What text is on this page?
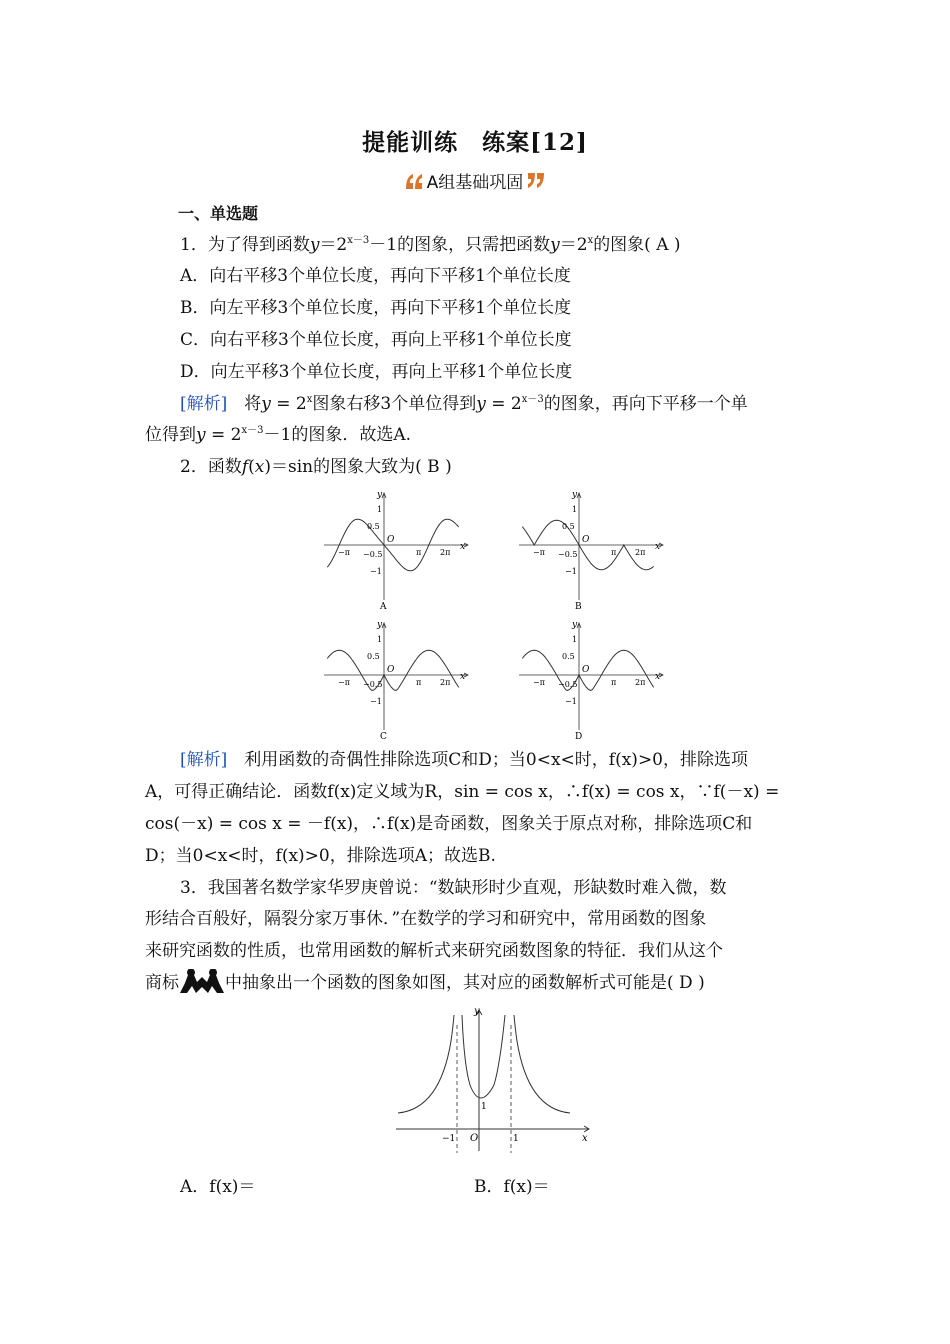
提能训练　练案[12]
A组基础巩固
一、单选题
1．为了得到函数$y=2^{x-3}-1$的图象，只需把函数$y=2^x$的图象( A )
A．向右平移3个单位长度，再向下平移1个单位长度
B．向左平移3个单位长度，再向下平移1个单位长度
C．向右平移3个单位长度，再向上平移1个单位长度
D．向左平移3个单位长度，再向上平移1个单位长度
[解析]　将$y = 2^x$图象右移3个单位得到$y = 2^{x-3}$的图象，再向下平移一个单
位得到$y = 2^{x-3}-1$的图象．故选A.
2．函数f(x)＝sin的图象大致为( B )
y
x
O
1
0.5
−0.5
−1
−π	π 2π
A
y
x
O
1
0.5
−0.5
−1
−π	π 2π
B
y
x
O
1
0.5
−0.5
−1
−π	π 2π
C
y
x
O
1
0.5
−0.5
−1
−π	π 2π
D
[解析]　利用函数的奇偶性排除选项C和D；当0<x<时，f(x)>0，排除选项
A，可得正确结论．函数f(x)定义域为R，sin = cos x，∴f(x) = cos x，∵f(－x) =
cos(－x) = cos x = －f(x)，∴f(x)是奇函数，图象关于原点对称，排除选项C和
D；当0<x<时，f(x)>0，排除选项A；故选B.
3．我国著名数学家华罗庚曾说：“数缺形时少直观，形缺数时难入微，数
形结合百般好，隔裂分家万事休．”在数学的学习和研究中，常用函数的图象
来研究函数的性质，也常用函数的解析式来研究函数图象的特征．我们从这个
商标	中抽象出一个函数的图象如图，其对应的函数解析式可能是( D )
y
x
O
−1	1
1
A．f(x)＝	B．f(x)＝
